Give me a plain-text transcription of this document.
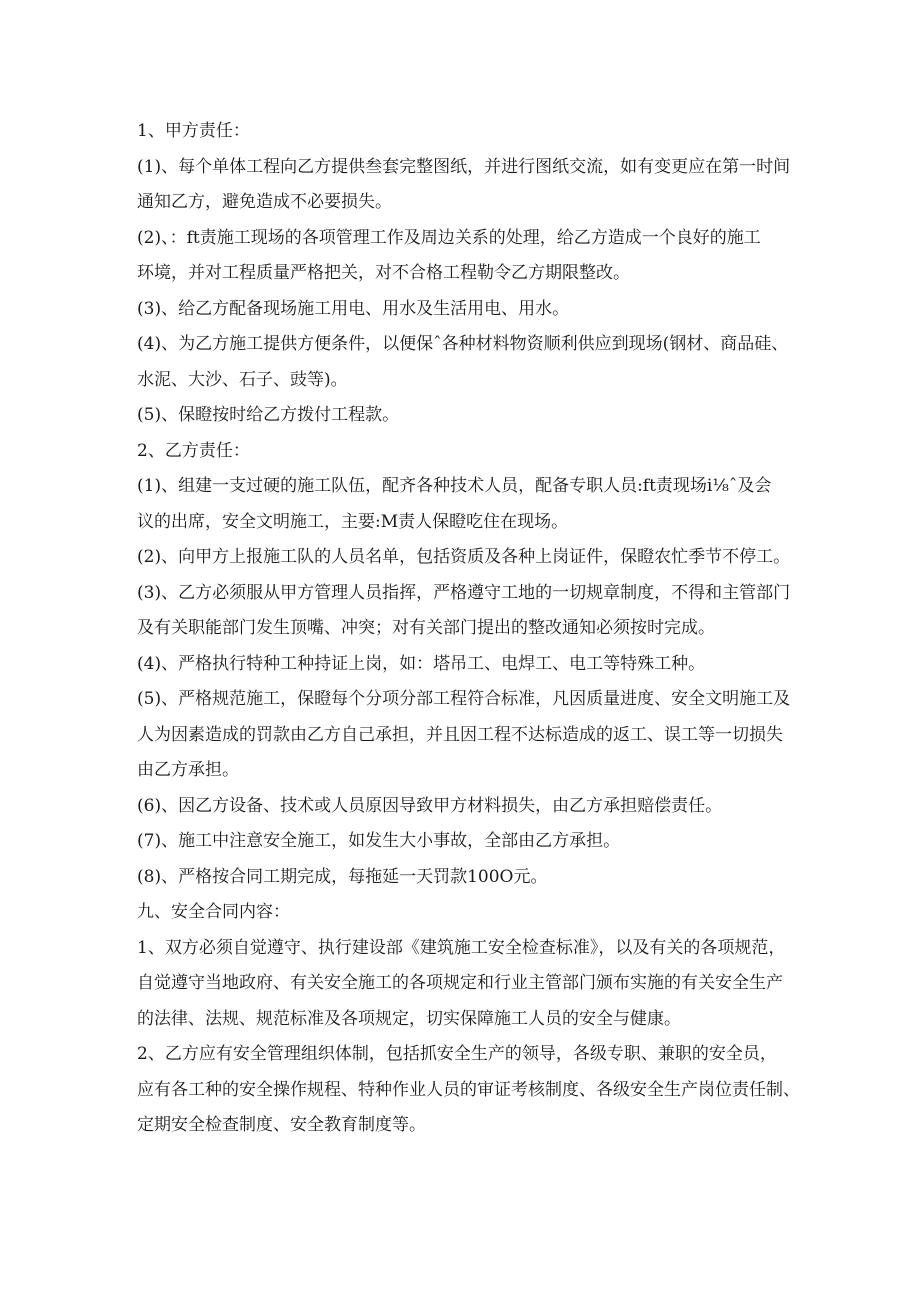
1、甲方责任：
(1)、每个单体工程向乙方提供叁套完整图纸，并进行图纸交流，如有变更应在第一时间
通知乙方，避免造成不必要损失。
(2)、：ft责施工现场的各项管理工作及周边关系的处理，给乙方造成一个良好的施工
环境，并对工程质量严格把关，对不合格工程勒令乙方期限整改。
(3)、给乙方配备现场施工用电、用水及生活用电、用水。
(4)、为乙方施工提供方便条件，以便保ˆ各种材料物资顺利供应到现场(钢材、商品硅、
水泥、大沙、石子、豉等)。
(5)、保瞪按时给乙方拨付工程款。
2、乙方责任：
(1)、组建一支过硬的施工队伍，配齐各种技术人员，配备专职人员:ft责现场i⅛ˆ及会
议的出席，安全文明施工，主要:M责人保瞪吃住在现场。
(2)、向甲方上报施工队的人员名单，包括资质及各种上岗证件，保瞪农忙季节不停工。
(3)、乙方必须服从甲方管理人员指挥，严格遵守工地的一切规章制度，不得和主管部门
及有关职能部门发生顶嘴、冲突；对有关部门提出的整改通知必须按时完成。
(4)、严格执行特种工种持证上岗，如：塔吊工、电焊工、电工等特殊工种。
(5)、严格规范施工，保瞪每个分项分部工程符合标准，凡因质量进度、安全文明施工及
人为因素造成的罚款由乙方自己承担，并且因工程不达标造成的返工、误工等一切损失
由乙方承担。
(6)、因乙方设备、技术或人员原因导致甲方材料损失，由乙方承担赔偿责任。
(7)、施工中注意安全施工，如发生大小事故，全部由乙方承担。
(8)、严格按合同工期完成，每拖延一天罚款100O元。
九、安全合同内容：
1、双方必须自觉遵守、执行建设部《建筑施工安全检查标准》，以及有关的各项规范，
自觉遵守当地政府、有关安全施工的各项规定和行业主管部门颁布实施的有关安全生产
的法律、法规、规范标准及各项规定，切实保障施工人员的安全与健康。
2、乙方应有安全管理组织体制，包括抓安全生产的领导，各级专职、兼职的安全员，
应有各工种的安全操作规程、特种作业人员的审证考核制度、各级安全生产岗位责任制、
定期安全检查制度、安全教育制度等。
